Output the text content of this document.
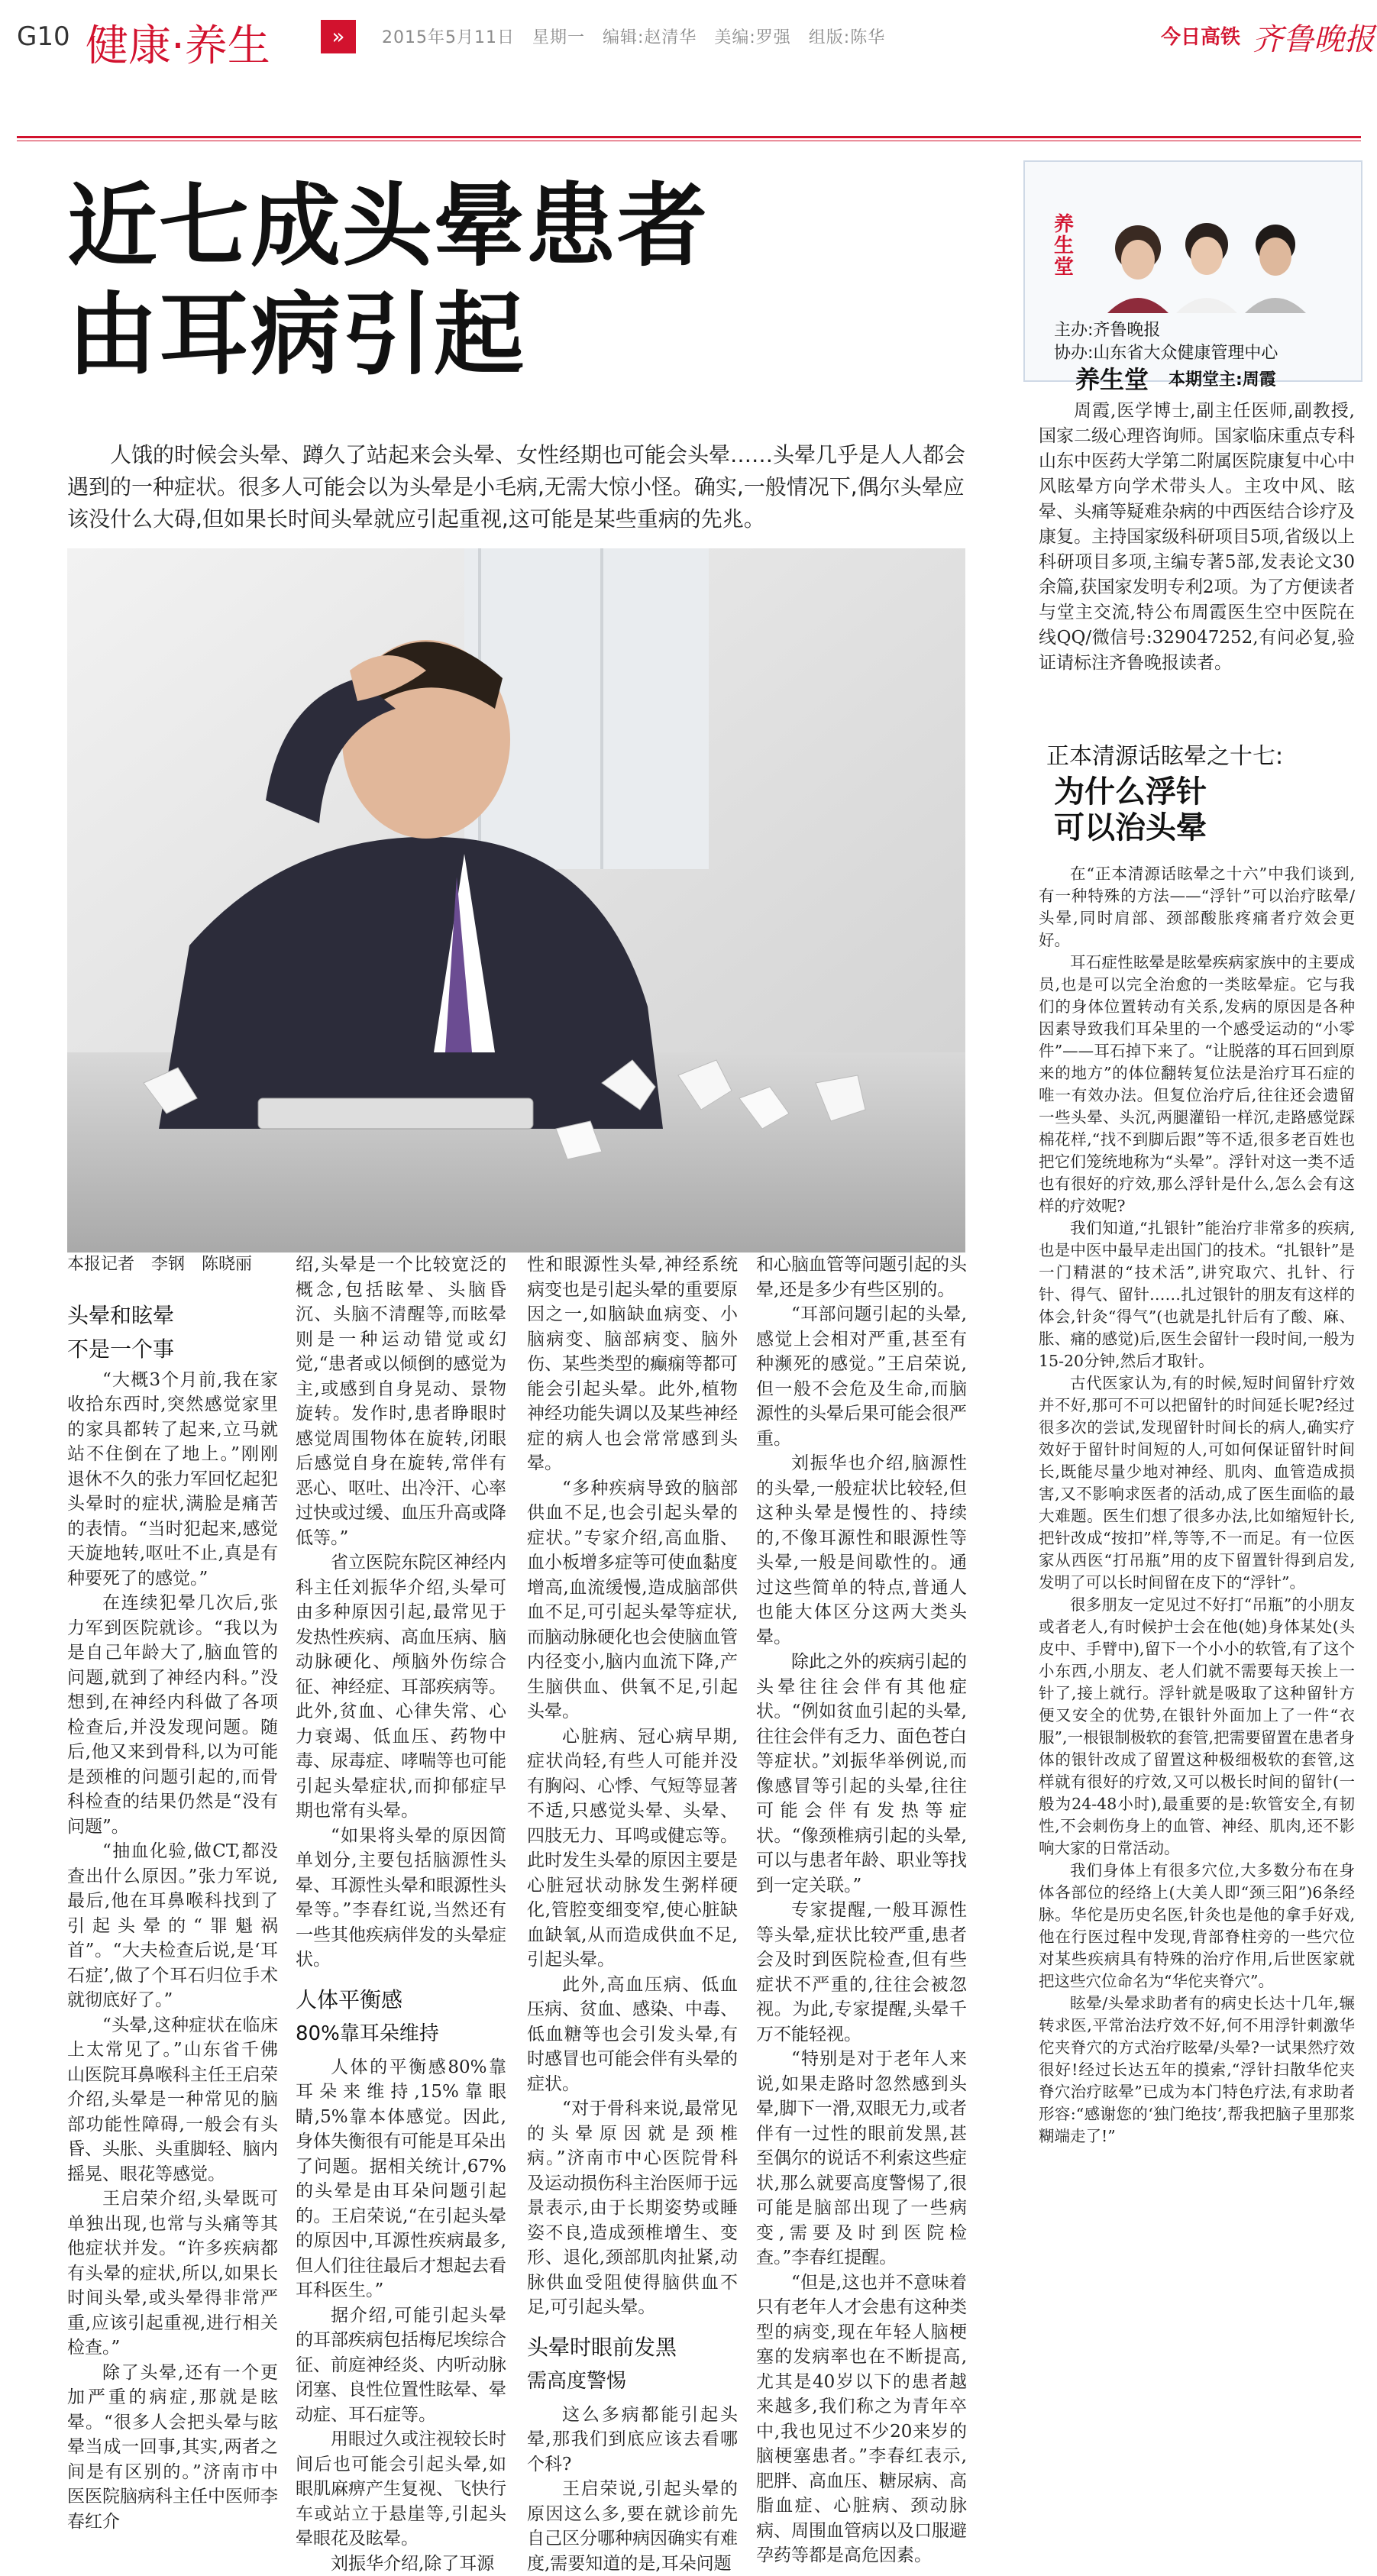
G10 健康·养生	»	2015年5月11日　星期一　编辑:赵清华　美编:罗强　组版:陈华	今日高铁 齐鲁晚报
近七成头晕患者
由耳病引起
人饿的时候会头晕、蹲久了站起来会头晕、女性经期也可能会头晕……头晕几乎是人人都会遇到的一种症状。很多人可能会以为头晕是小毛病,无需大惊小怪。确实,一般情况下,偶尔头晕应该没什么大碍,但如果长时间头晕就应引起重视,这可能是某些重病的先兆。

本报记者　李钢　陈晓丽

头晕和眩晕

不是一个事

“大概3个月前,我在家收拾东西时,突然感觉家里的家具都转了起来,立马就站不住倒在了地上。”刚刚退休不久的张力军回忆起犯头晕时的症状,满脸是痛苦的表情。“当时犯起来,感觉天旋地转,呕吐不止,真是有种要死了的感觉。”

在连续犯晕几次后,张力军到医院就诊。“我以为是自己年龄大了,脑血管的问题,就到了神经内科。”没想到,在神经内科做了各项检查后,并没发现问题。随后,他又来到骨科,以为可能是颈椎的问题引起的,而骨科检查的结果仍然是“没有问题”。

“抽血化验,做CT,都没查出什么原因。”张力军说,最后,他在耳鼻喉科找到了引起头晕的“罪魁祸首”。“大夫检查后说,是‘耳石症’,做了个耳石归位手术就彻底好了。”

“头晕,这种症状在临床上太常见了。”山东省千佛山医院耳鼻喉科主任王启荣介绍,头晕是一种常见的脑部功能性障碍,一般会有头昏、头胀、头重脚轻、脑内摇晃、眼花等感觉。

王启荣介绍,头晕既可单独出现,也常与头痛等其他症状并发。“许多疾病都有头晕的症状,所以,如果长时间头晕,或头晕得非常严重,应该引起重视,进行相关检查。”

除了头晕,还有一个更加严重的病症,那就是眩晕。“很多人会把头晕与眩晕当成一回事,其实,两者之间是有区别的。”济南市中医医院脑病科主任中医师李春红介

绍,头晕是一个比较宽泛的概念,包括眩晕、头脑昏沉、头脑不清醒等,而眩晕则是一种运动错觉或幻觉,“患者或以倾倒的感觉为主,或感到自身晃动、景物旋转。发作时,患者睁眼时感觉周围物体在旋转,闭眼后感觉自身在旋转,常伴有恶心、呕吐、出冷汗、心率过快或过缓、血压升高或降低等。”

省立医院东院区神经内科主任刘振华介绍,头晕可由多种原因引起,最常见于发热性疾病、高血压病、脑动脉硬化、颅脑外伤综合征、神经症、耳部疾病等。此外,贫血、心律失常、心力衰竭、低血压、药物中毒、尿毒症、哮喘等也可能引起头晕症状,而抑郁症早期也常有头晕。

“如果将头晕的原因简单划分,主要包括脑源性头晕、耳源性头晕和眼源性头晕等。”李春红说,当然还有一些其他疾病伴发的头晕症状。

人体平衡感

80%靠耳朵维持

人体的平衡感80%靠耳朵来维持,15%靠眼睛,5%靠本体感觉。因此,身体失衡很有可能是耳朵出了问题。据相关统计,67%的头晕是由耳朵问题引起的。王启荣说,“在引起头晕的原因中,耳源性疾病最多,但人们往往最后才想起去看耳科医生。”

据介绍,可能引起头晕的耳部疾病包括梅尼埃综合征、前庭神经炎、内听动脉闭塞、良性位置性眩晕、晕动症、耳石症等。

用眼过久或注视较长时间后也可能会引起头晕,如眼肌麻痹产生复视、飞快行车或站立于悬崖等,引起头晕眼花及眩晕。

刘振华介绍,除了耳源

性和眼源性头晕,神经系统病变也是引起头晕的重要原因之一,如脑缺血病变、小脑病变、脑部病变、脑外伤、某些类型的癫痫等都可能会引起头晕。此外,植物神经功能失调以及某些神经症的病人也会常常感到头晕。

“多种疾病导致的脑部供血不足,也会引起头晕的症状。”专家介绍,高血脂、血小板增多症等可使血黏度增高,血流缓慢,造成脑部供血不足,可引起头晕等症状,而脑动脉硬化也会使脑血管内径变小,脑内血流下降,产生脑供血、供氧不足,引起头晕。

心脏病、冠心病早期,症状尚轻,有些人可能并没有胸闷、心悸、气短等显著不适,只感觉头晕、头晕、四肢无力、耳鸣或健忘等。此时发生头晕的原因主要是心脏冠状动脉发生粥样硬化,管腔变细变窄,使心脏缺血缺氧,从而造成供血不足,引起头晕。

此外,高血压病、低血压病、贫血、感染、中毒、低血糖等也会引发头晕,有时感冒也可能会伴有头晕的症状。

“对于骨科来说,最常见的头晕原因就是颈椎病。”济南市中心医院骨科及运动损伤科主治医师于远景表示,由于长期姿势或睡姿不良,造成颈椎增生、变形、退化,颈部肌肉扯紧,动脉供血受阻使得脑供血不足,可引起头晕。

头晕时眼前发黑

需高度警惕

这么多病都能引起头晕,那我们到底应该去看哪个科?

王启荣说,引起头晕的原因这么多,要在就诊前先自己区分哪种病因确实有难度,需要知道的是,耳朵问题

和心脑血管等问题引起的头晕,还是多少有些区别的。

“耳部问题引起的头晕,感觉上会相对严重,甚至有种濒死的感觉。”王启荣说,但一般不会危及生命,而脑源性的头晕后果可能会很严重。

刘振华也介绍,脑源性的头晕,一般症状比较轻,但这种头晕是慢性的、持续的,不像耳源性和眼源性等头晕,一般是间歇性的。通过这些简单的特点,普通人也能大体区分这两大类头晕。

除此之外的疾病引起的头晕往往会伴有其他症状。“例如贫血引起的头晕,往往会伴有乏力、面色苍白等症状。”刘振华举例说,而像感冒等引起的头晕,往往可能会伴有发热等症状。“像颈椎病引起的头晕,可以与患者年龄、职业等找到一定关联。”

专家提醒,一般耳源性等头晕,症状比较严重,患者会及时到医院检查,但有些症状不严重的,往往会被忽视。为此,专家提醒,头晕千万不能轻视。

“特别是对于老年人来说,如果走路时忽然感到头晕,脚下一滑,双眼无力,或者伴有一过性的眼前发黑,甚至偶尔的说话不利索这些症状,那么就要高度警惕了,很可能是脑部出现了一些病变,需要及时到医院检查。”李春红提醒。

“但是,这也并不意味着只有老年人才会患有这种类型的病变,现在年轻人脑梗塞的发病率也在不断提高,尤其是40岁以下的患者越来越多,我们称之为青年卒中,我也见过不少20来岁的脑梗塞患者。”李春红表示,肥胖、高血压、糖尿病、高脂血症、心脏病、颈动脉病、周围血管病以及口服避孕药等都是高危因素。

养生堂
主办:齐鲁晚报
协办:山东省大众健康管理中心
养生堂 本期堂主:周霞

周霞,医学博士,副主任医师,副教授,国家二级心理咨询师。国家临床重点专科山东中医药大学第二附属医院康复中心中风眩晕方向学术带头人。主攻中风、眩晕、头痛等疑难杂病的中西医结合诊疗及康复。主持国家级科研项目5项,省级以上科研项目多项,主编专著5部,发表论文30余篇,获国家发明专利2项。为了方便读者与堂主交流,特公布周霞医生空中医院在线QQ/微信号:329047252,有问必复,验证请标注齐鲁晚报读者。

正本清源话眩晕之十七:
为什么浮针
可以治头晕

在“正本清源话眩晕之十六”中我们谈到,有一种特殊的方法——“浮针”可以治疗眩晕/头晕,同时肩部、颈部酸胀疼痛者疗效会更好。

耳石症性眩晕是眩晕疾病家族中的主要成员,也是可以完全治愈的一类眩晕症。它与我们的身体位置转动有关系,发病的原因是各种因素导致我们耳朵里的一个感受运动的“小零件”——耳石掉下来了。“让脱落的耳石回到原来的地方”的体位翻转复位法是治疗耳石症的唯一有效办法。但复位治疗后,往往还会遗留一些头晕、头沉,两腿灌铅一样沉,走路感觉踩棉花样,“找不到脚后跟”等不适,很多老百姓也把它们笼统地称为“头晕”。浮针对这一类不适也有很好的疗效,那么浮针是什么,怎么会有这样的疗效呢?

我们知道,“扎银针”能治疗非常多的疾病,也是中医中最早走出国门的技术。“扎银针”是一门精湛的“技术活”,讲究取穴、扎针、行针、得气、留针……扎过银针的朋友有这样的体会,针灸“得气”(也就是扎针后有了酸、麻、胀、痛的感觉)后,医生会留针一段时间,一般为15-20分钟,然后才取针。

古代医家认为,有的时候,短时间留针疗效并不好,那可不可以把留针的时间延长呢?经过很多次的尝试,发现留针时间长的病人,确实疗效好于留针时间短的人,可如何保证留针时间长,既能尽量少地对神经、肌肉、血管造成损害,又不影响求医者的活动,成了医生面临的最大难题。医生们想了很多办法,比如缩短针长,把针改成“按扣”样,等等,不一而足。有一位医家从西医“打吊瓶”用的皮下留置针得到启发,发明了可以长时间留在皮下的“浮针”。

很多朋友一定见过不好打“吊瓶”的小朋友或者老人,有时候护士会在他(她)身体某处(头皮中、手臂中),留下一个小小的软管,有了这个小东西,小朋友、老人们就不需要每天挨上一针了,接上就行。浮针就是吸取了这种留针方便又安全的优势,在银针外面加上了一件“衣服”,一根银制极软的套管,把需要留置在患者身体的银针改成了留置这种极细极软的套管,这样就有很好的疗效,又可以极长时间的留针(一般为24-48小时),最重要的是:软管安全,有韧性,不会刺伤身上的血管、神经、肌肉,还不影响大家的日常活动。

我们身体上有很多穴位,大多数分布在身体各部位的经络上(大美人即“颈三阳”)6条经脉。华佗是历史名医,针灸也是他的拿手好戏,他在行医过程中发现,背部脊柱旁的一些穴位对某些疾病具有特殊的治疗作用,后世医家就把这些穴位命名为“华佗夹脊穴”。

眩晕/头晕求助者有的病史长达十几年,辗转求医,平常治法疗效不好,何不用浮针刺激华佗夹脊穴的方式治疗眩晕/头晕?一试果然疗效很好!经过长达五年的摸索,“浮针扫散华佗夹脊穴治疗眩晕”已成为本门特色疗法,有求助者形容:“感谢您的‘独门绝技’,帮我把脑子里那浆糊端走了!”
